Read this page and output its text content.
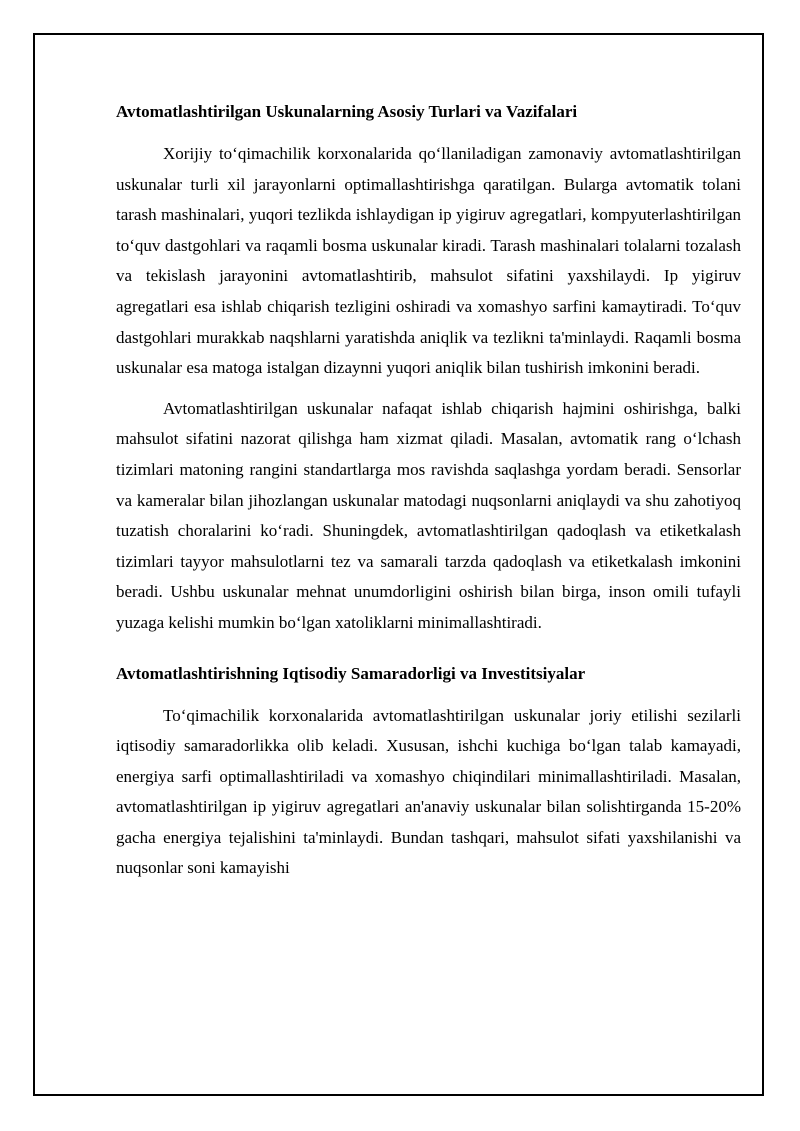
Avtomatlashtirilgan Uskunalarning Asosiy Turlari va Vazifalari

Xorijiy to‘qimachilik korxonalarida qo‘llaniladigan zamonaviy avtomatlashtirilgan uskunalar turli xil jarayonlarni optimallashtirishga qaratilgan. Bularga avtomatik tolani tarash mashinalari, yuqori tezlikda ishlaydigan ip yigiruv agregatlari, kompyuterlashtirilgan to‘quv dastgohlari va raqamli bosma uskunalar kiradi. Tarash mashinalari tolalarni tozalash va tekislash jarayonini avtomatlashtirib, mahsulot sifatini yaxshilaydi. Ip yigiruv agregatlari esa ishlab chiqarish tezligini oshiradi va xomashyo sarfini kamaytiradi. To‘quv dastgohlari murakkab naqshlarni yaratishda aniqlik va tezlikni ta'minlaydi. Raqamli bosma uskunalar esa matoga istalgan dizaynni yuqori aniqlik bilan tushirish imkonini beradi.

Avtomatlashtirilgan uskunalar nafaqat ishlab chiqarish hajmini oshirishga, balki mahsulot sifatini nazorat qilishga ham xizmat qiladi. Masalan, avtomatik rang o‘lchash tizimlari matoning rangini standartlarga mos ravishda saqlashga yordam beradi. Sensorlar va kameralar bilan jihozlangan uskunalar matodagi nuqsonlarni aniqlaydi va shu zahotiyoq tuzatish choralarini ko‘radi. Shuningdek, avtomatlashtirilgan qadoqlash va etiketkalash tizimlari tayyor mahsulotlarni tez va samarali tarzda qadoqlash va etiketkalash imkonini beradi. Ushbu uskunalar mehnat unumdorligini oshirish bilan birga, inson omili tufayli yuzaga kelishi mumkin bo‘lgan xatoliklarni minimallashtiradi.

Avtomatlashtirishning Iqtisodiy Samaradorligi va Investitsiyalar

To‘qimachilik korxonalarida avtomatlashtirilgan uskunalar joriy etilishi sezilarli iqtisodiy samaradorlikka olib keladi. Xususan, ishchi kuchiga bo‘lgan talab kamayadi, energiya sarfi optimallashtiriladi va xomashyo chiqindilari minimallashtiriladi. Masalan, avtomatlashtirilgan ip yigiruv agregatlari an'anaviy uskunalar bilan solishtirganda 15-20% gacha energiya tejalishini ta'minlaydi. Bundan tashqari, mahsulot sifati yaxshilanishi va nuqsonlar soni kamayishi
